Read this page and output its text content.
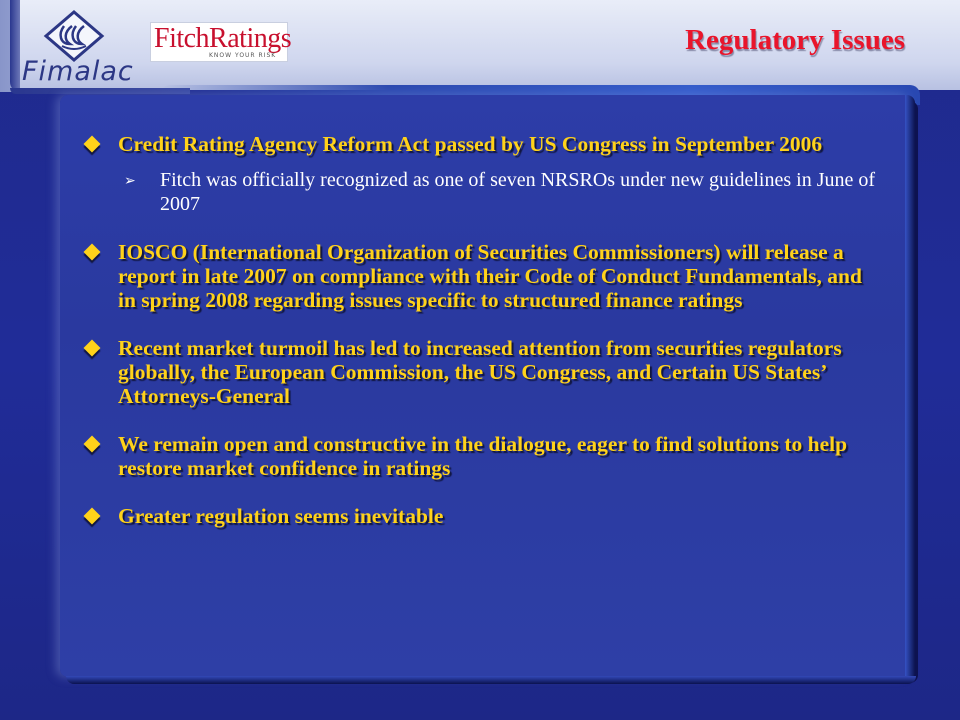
Fimalac
FitchRatings
KNOW YOUR RISK	Regulatory Issues
Credit Rating Agency Reform Act passed by US Congress in September 2006
➢ Fitch was officially recognized as one of seven NRSROs under new guidelines in June of 2007
IOSCO (International Organization of Securities Commissioners) will release a report in late 2007 on compliance with their Code of Conduct Fundamentals, and in spring 2008 regarding issues specific to structured finance ratings
Recent market turmoil has led to increased attention from securities regulators globally, the European Commission, the US Congress, and Certain US States’ Attorneys-General
We remain open and constructive in the dialogue, eager to find solutions to help restore market confidence in ratings
Greater regulation seems inevitable
